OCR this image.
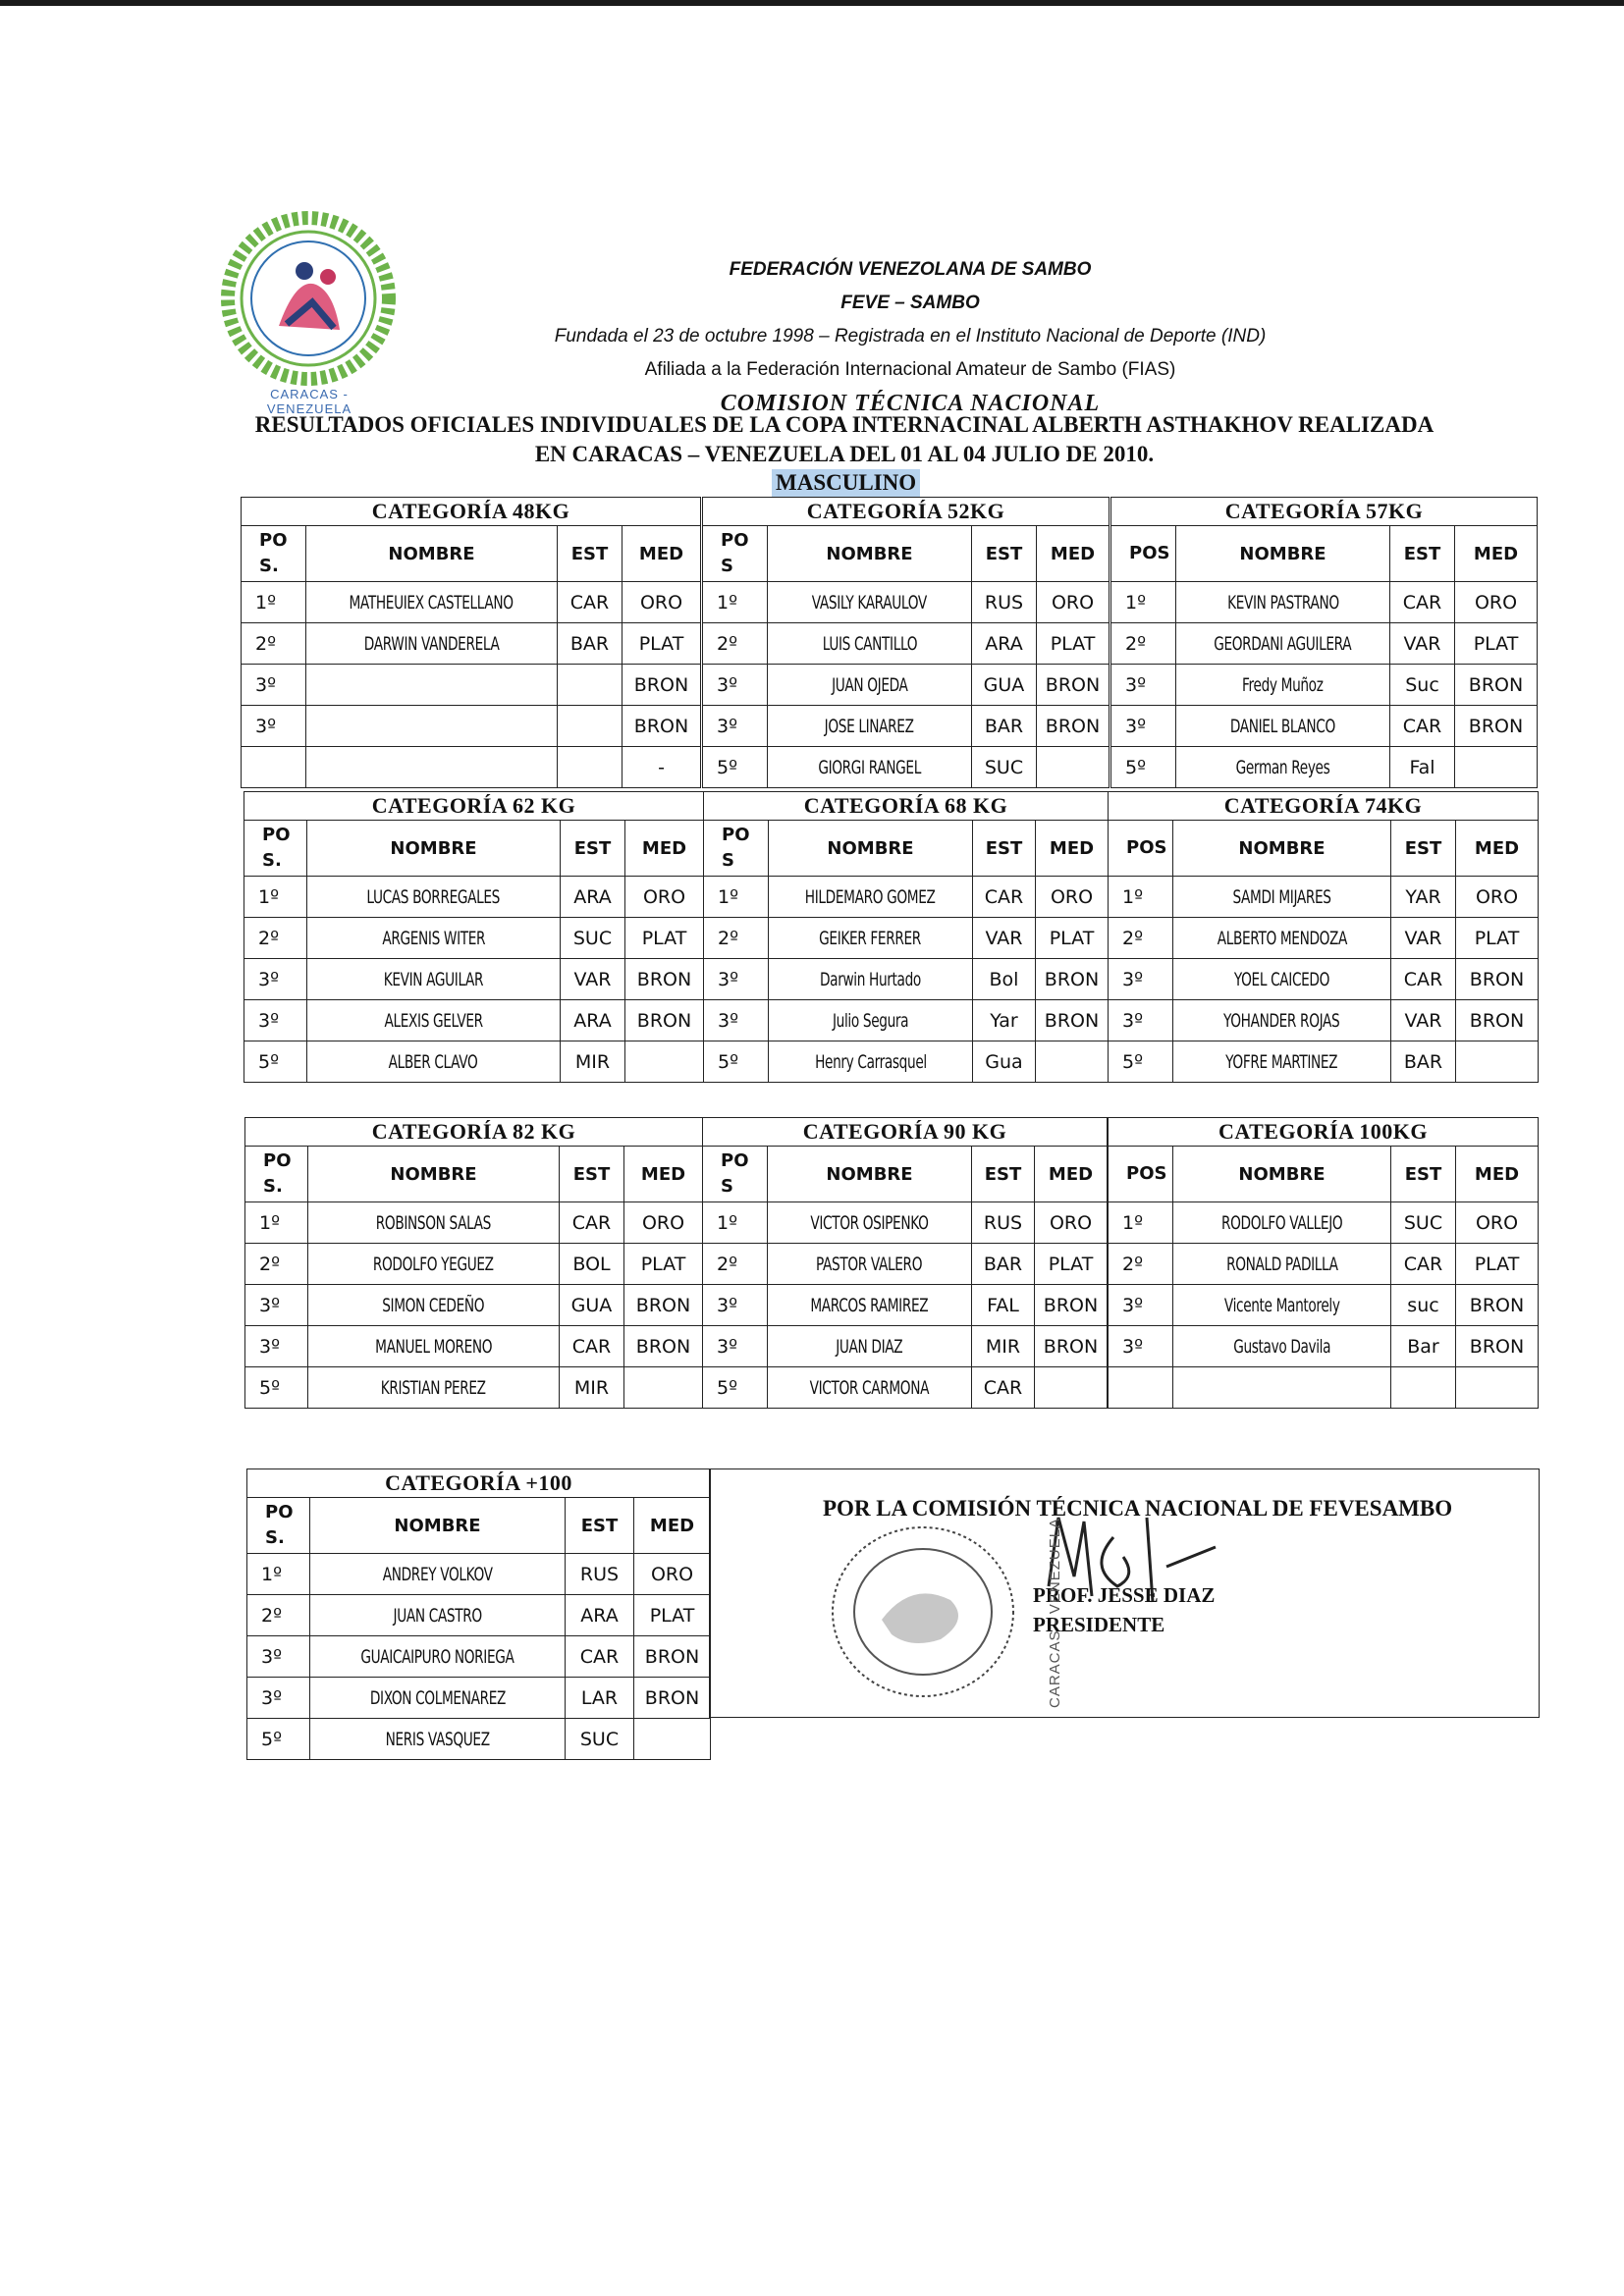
CARACAS - VENEZUELA

FEDERACIÓN VENEZOLANA DE SAMBO

FEVE – SAMBO

Fundada el 23 de octubre 1998 – Registrada en el Instituto Nacional de Deporte (IND)

Afiliada a la Federación Internacional Amateur de Sambo (FIAS)

COMISION TÉCNICA NACIONAL

RESULTADOS OFICIALES INDIVIDUALES DE LA COPA INTERNACINAL ALBERTH ASTHAKHOV REALIZADA
EN CARACAS – VENEZUELA DEL 01 AL 04 JULIO DE 2010.
MASCULINO
CATEGORÍA 48KG			
PO S.	NOMBRE	EST	MED
1º	MATHEUIEX CASTELLANO	CAR	ORO
2º	DARWIN VANDERELA	BAR	PLAT
3º			BRON
3º			BRON
			-
CATEGORÍA 52KG			
PO S	NOMBRE	EST	MED
1º	VASILY KARAULOV	RUS	ORO
2º	LUIS CANTILLO	ARA	PLAT
3º	JUAN OJEDA	GUA	BRON
3º	JOSE LINAREZ	BAR	BRON
5º	GIORGI RANGEL	SUC	
CATEGORÍA 57KG			
POS	NOMBRE	EST	MED
1º	KEVIN PASTRANO	CAR	ORO
2º	GEORDANI AGUILERA	VAR	PLAT
3º	Fredy Muñoz	Suc	BRON
3º	DANIEL BLANCO	CAR	BRON
5º	German Reyes	Fal	
CATEGORÍA 62 KG			
PO S.	NOMBRE	EST	MED
1º	LUCAS BORREGALES	ARA	ORO
2º	ARGENIS WITER	SUC	PLAT
3º	KEVIN AGUILAR	VAR	BRON
3º	ALEXIS GELVER	ARA	BRON
5º	ALBER CLAVO	MIR	
CATEGORÍA 68 KG			
PO S	NOMBRE	EST	MED
1º	HILDEMARO GOMEZ	CAR	ORO
2º	GEIKER FERRER	VAR	PLAT
3º	Darwin Hurtado	Bol	BRON
3º	Julio Segura	Yar	BRON
5º	Henry Carrasquel	Gua	
CATEGORÍA 74KG			
POS	NOMBRE	EST	MED
1º	SAMDI MIJARES	YAR	ORO
2º	ALBERTO MENDOZA	VAR	PLAT
3º	YOEL CAICEDO	CAR	BRON
3º	YOHANDER ROJAS	VAR	BRON
5º	YOFRE MARTINEZ	BAR	
CATEGORÍA 82 KG			
PO S.	NOMBRE	EST	MED
1º	ROBINSON SALAS	CAR	ORO
2º	RODOLFO YEGUEZ	BOL	PLAT
3º	SIMON CEDEÑO	GUA	BRON
3º	MANUEL MORENO	CAR	BRON
5º	KRISTIAN PEREZ	MIR	
CATEGORÍA 90 KG			
PO S	NOMBRE	EST	MED
1º	VICTOR OSIPENKO	RUS	ORO
2º	PASTOR VALERO	BAR	PLAT
3º	MARCOS RAMIREZ	FAL	BRON
3º	JUAN DIAZ	MIR	BRON
5º	VICTOR CARMONA	CAR	
CATEGORÍA 100KG			
POS	NOMBRE	EST	MED
1º	RODOLFO VALLEJO	SUC	ORO
2º	RONALD PADILLA	CAR	PLAT
3º	Vicente Mantorely	suc	BRON
3º	Gustavo Davila	Bar	BRON

CATEGORÍA +100			
PO S.	NOMBRE	EST	MED
1º	ANDREY VOLKOV	RUS	ORO
2º	JUAN CASTRO	ARA	PLAT
3º	GUAICAIPURO NORIEGA	CAR	BRON
3º	DIXON COLMENAREZ	LAR	BRON
5º	NERIS VASQUEZ	SUC	
POR LA COMISIÓN TÉCNICA NACIONAL DE FEVESAMBO
PROF. JESSE DIAZ
PRESIDENTE
CARACAS - VENEZUELA
